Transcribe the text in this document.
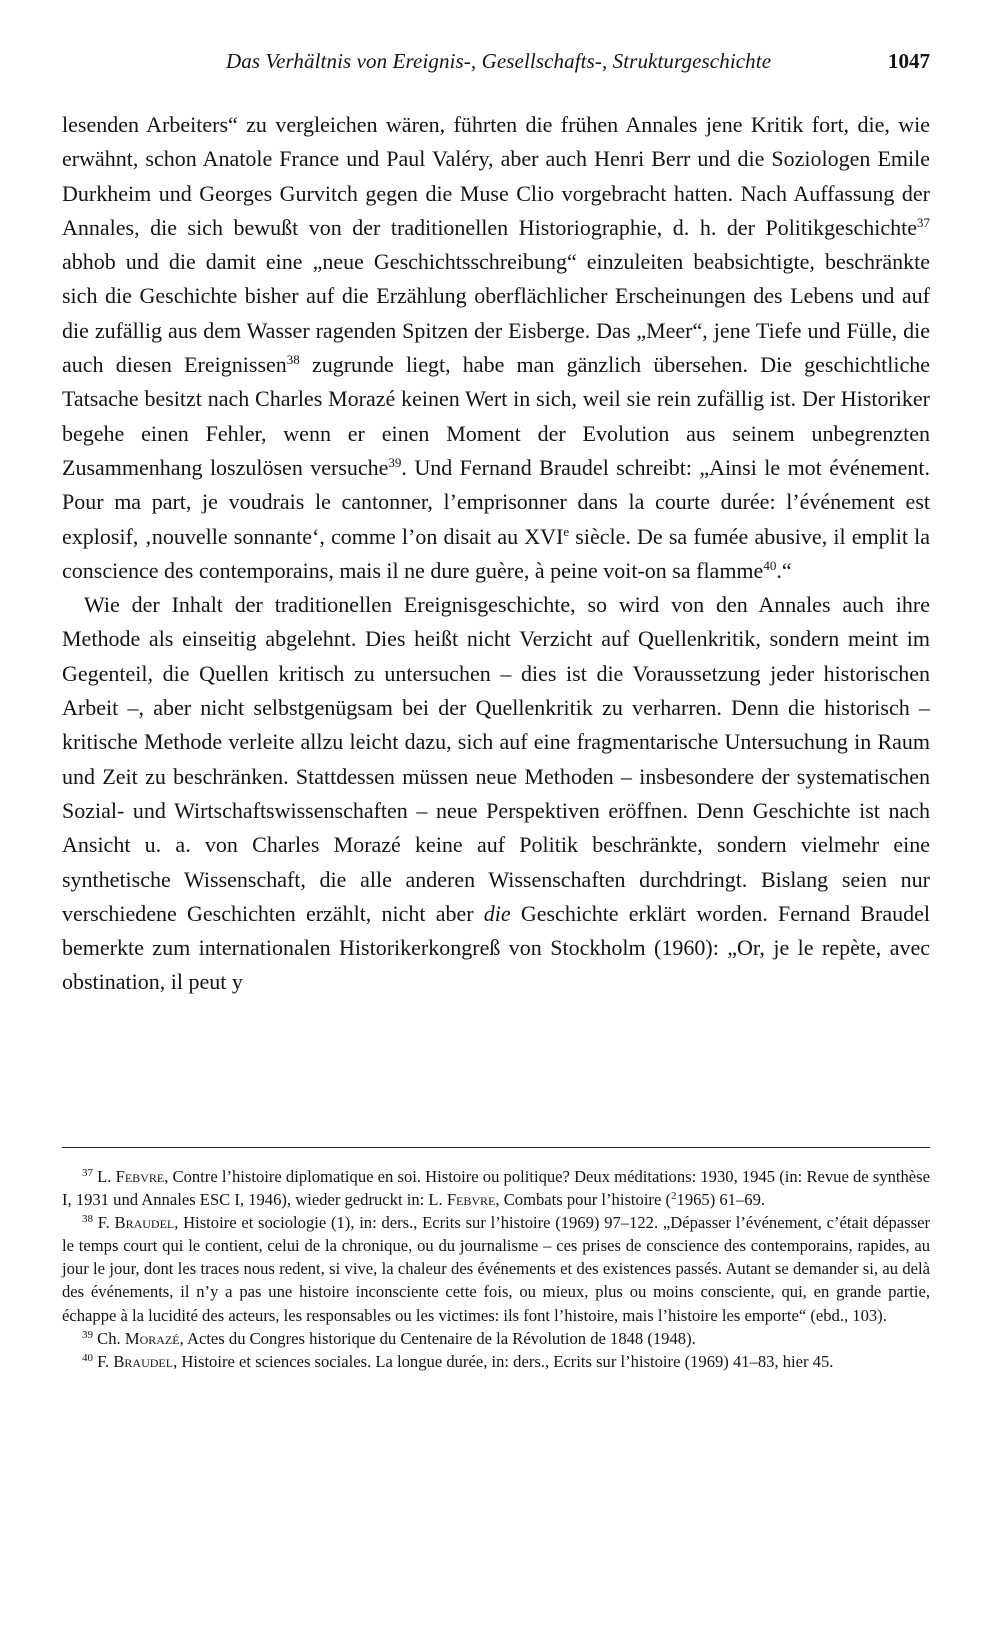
Das Verhältnis von Ereignis-, Gesellschafts-, Strukturgeschichte	1047

lesenden Arbeiters“ zu vergleichen wären, führten die frühen Annales jene Kritik fort, die, wie erwähnt, schon Anatole France und Paul Valéry, aber auch Henri Berr und die Soziologen Emile Durkheim und Georges Gurvitch gegen die Muse Clio vorgebracht hatten. Nach Auffassung der Annales, die sich bewußt von der traditionellen Historiographie, d. h. der Politikgeschichte$^{37}$ abhob und die damit eine „neue Geschichtsschreibung“ einzuleiten beabsichtigte, beschränkte sich die Geschichte bisher auf die Erzählung oberflächlicher Erscheinungen des Lebens und auf die zufällig aus dem Wasser ragenden Spitzen der Eisberge. Das „Meer“, jene Tiefe und Fülle, die auch diesen Ereignissen$^{38}$ zugrunde liegt, habe man gänzlich übersehen. Die geschichtliche Tatsache besitzt nach Charles Morazé keinen Wert in sich, weil sie rein zufällig ist. Der Historiker begehe einen Fehler, wenn er einen Moment der Evolution aus seinem unbegrenzten Zusammenhang loszulösen versuche$^{39}$. Und Fernand Braudel schreibt: „Ainsi le mot événement. Pour ma part, je voudrais le cantonner, l’emprisonner dans la courte durée: l’événement est explosif, ‚nouvelle sonnante‘, comme l’on disait au XVIe siècle. De sa fumée abusive, il emplit la conscience des contemporains, mais il ne dure guère, à peine voit-on sa flamme$^{40}$.“

Wie der Inhalt der traditionellen Ereignisgeschichte, so wird von den Annales auch ihre Methode als einseitig abgelehnt. Dies heißt nicht Verzicht auf Quellenkritik, sondern meint im Gegenteil, die Quellen kritisch zu untersuchen – dies ist die Voraussetzung jeder historischen Arbeit –, aber nicht selbstgenügsam bei der Quellenkritik zu verharren. Denn die historisch – kritische Methode verleite allzu leicht dazu, sich auf eine fragmentarische Untersuchung in Raum und Zeit zu beschränken. Stattdessen müssen neue Methoden – insbesondere der systematischen Sozial- und Wirtschaftswissenschaften – neue Perspektiven eröffnen. Denn Geschichte ist nach Ansicht u. a. von Charles Morazé keine auf Politik beschränkte, sondern vielmehr eine synthetische Wissenschaft, die alle anderen Wissenschaften durchdringt. Bislang seien nur verschiedene Geschichten erzählt, nicht aber die Geschichte erklärt worden. Fernand Braudel bemerkte zum internationalen Historikerkongreß von Stockholm (1960): „Or, je le repète, avec obstination, il peut y

$^{37}$ L. Febvre, Contre l’histoire diplomatique en soi. Histoire ou politique? Deux méditations: 1930, 1945 (in: Revue de synthèse I, 1931 und Annales ESC I, 1946), wieder gedruckt in: L. Febvre, Combats pour l’histoire ($^2$1965) 61–69.

$^{38}$ F. Braudel, Histoire et sociologie (1), in: ders., Ecrits sur l’histoire (1969) 97–122. „Dépasser l’événement, c’était dépasser le temps court qui le contient, celui de la chronique, ou du journalisme – ces prises de conscience des contemporains, rapides, au jour le jour, dont les traces nous redent, si vive, la chaleur des événements et des existences passés. Autant se demander si, au delà des événements, il n’y a pas une histoire inconsciente cette fois, ou mieux, plus ou moins consciente, qui, en grande partie, échappe à la lucidité des acteurs, les responsables ou les victimes: ils font l’histoire, mais l’histoire les emporte“ (ebd., 103).

$^{39}$ Ch. Morazé, Actes du Congres historique du Centenaire de la Révolution de 1848 (1948).

$^{40}$ F. Braudel, Histoire et sciences sociales. La longue durée, in: ders., Ecrits sur l’histoire (1969) 41–83, hier 45.
